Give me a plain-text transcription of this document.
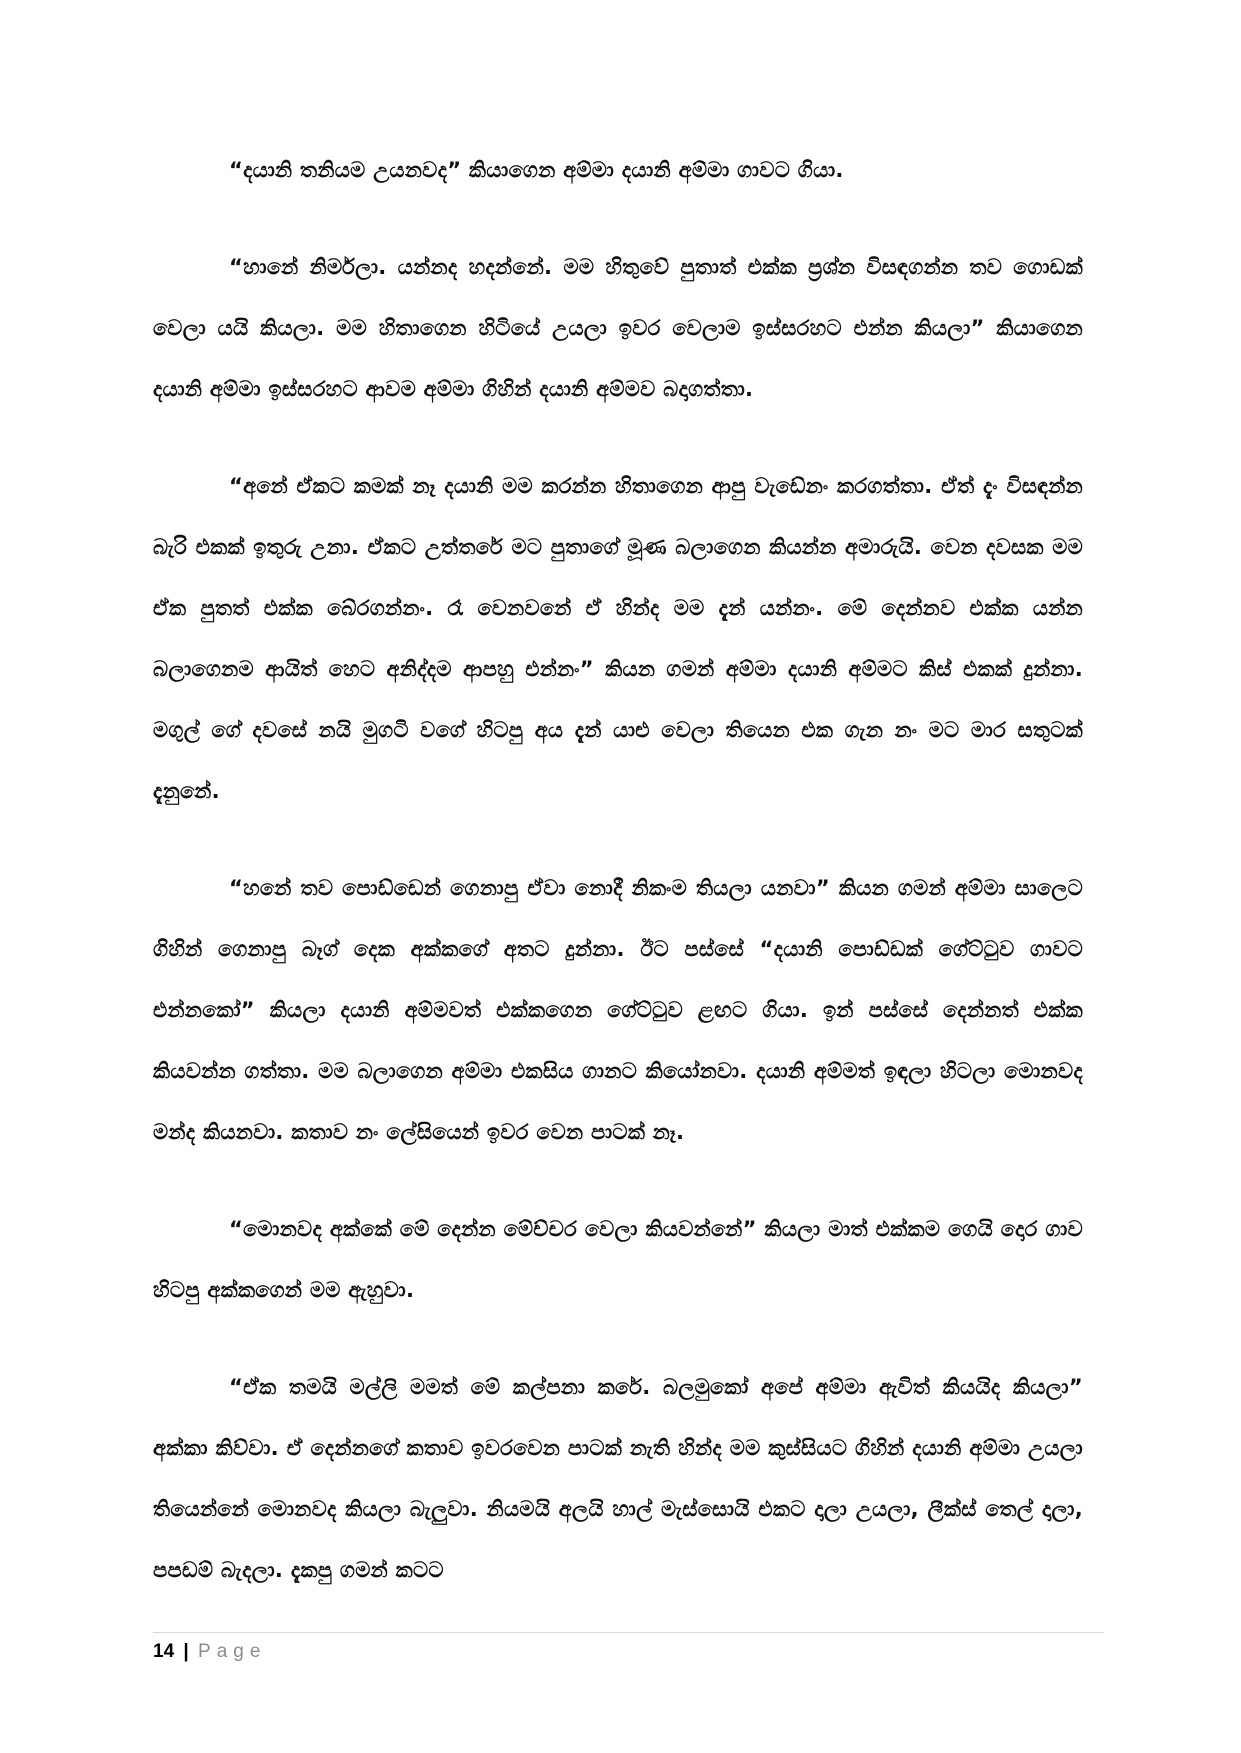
“දයානි තනියම උයනවද” කියාගෙන අම්මා දයානි අම්මා ගාවට ගියා.

“හානේ නිර්මලා. යන්නද හදන්නේ. මම හිතුවේ පුතාත් එක්ක ප්‍රශ්න විසඳගන්න තව ගොඩක් වෙලා යයි කියලා. මම හිතාගෙන හිටියේ උයලා ඉවර වෙලාම ඉස්සරහට එන්න කියලා” කියාගෙන දයානි අම්මා ඉස්සරහට ආවම අම්මා ගිහින් දයානි අම්මව බදාගත්තා.

“අනේ ඒකට කමක් නෑ දයානි මම කරන්න හිතාගෙන ආපු වැඩේනං කරගත්තා. ඒත් දැං විසඳන්න බැරි එකක් ඉතුරු උනා. ඒකට උත්තරේ මට පුතාගේ මූණ බලාගෙන කියන්න අමාරුයි. වෙන දවසක මම ඒක පුතත් එක්ක බේරගන්නං. රෑ වෙනවනේ ඒ හින්ද මම දැන් යන්නං. මේ දෙන්නව එක්ක යන්න බලාගෙනම ආයිත් හෙට අනිද්දම ආපහු එන්නං” කියන ගමන් අම්මා දයානි අම්මට කිස් එකක් දුන්නා. මගුල් ගේ දවසේ නයි මුගටි වගේ හිටපු අය දැන් යාළු වෙලා තියෙන එක ගැන නං මට මාර සතුටක් දැනුනේ.

“හනේ තව පොඩ්ඩෙන් ගෙනාපු ඒවා නොදී නිකංම තියලා යනවා” කියන ගමන් අම්මා සාලෙට ගිහින් ගෙනාපු බෑග් දෙක අක්කගේ අතට දුන්නා. ඊට පස්සේ “දයානි පොඩ්ඩක් ගේට්ටුව ගාවට එන්නකෝ” කියලා දයානි අම්මවත් එක්කගෙන ගේට්ටුව ළඟට ගියා. ඉන් පස්සේ දෙන්නත් එක්ක කියවන්න ගත්තා. මම බලාගෙන අම්මා එකසිය ගානට කියෝනවා. දයානි අම්මත් ඉඳලා හිටලා මොනවද මන්ද කියනවා. කතාව නං ලේසියෙන් ඉවර වෙන පාටක් නෑ.

“මොනවද අක්කේ මේ දෙන්න මේච්චර වෙලා කියවන්නේ” කියලා මාත් එක්කම ගෙයි දොර ගාව හිටපු අක්කගෙන් මම ඇහුවා.

“ඒක තමයි මල්ලි මමත් මේ කල්පනා කරේ. බලමුකෝ අපේ අම්මා ඇවිත් කියයිද කියලා” අක්කා කිව්වා. ඒ දෙන්නගේ කතාව ඉවරවෙන පාටක් නැති හින්ද මම කුස්සියට ගිහින් දයානි අම්මා උයලා තියෙන්නේ මොනවද කියලා බැලුවා. නියමයි අලයි හාල් මැස්සොයි එකට දාලා උයලා, ලීක්ස් තෙල් දාලා, පපඩම් බැදලා. දැකපු ගමන් කටට

14 | Page
